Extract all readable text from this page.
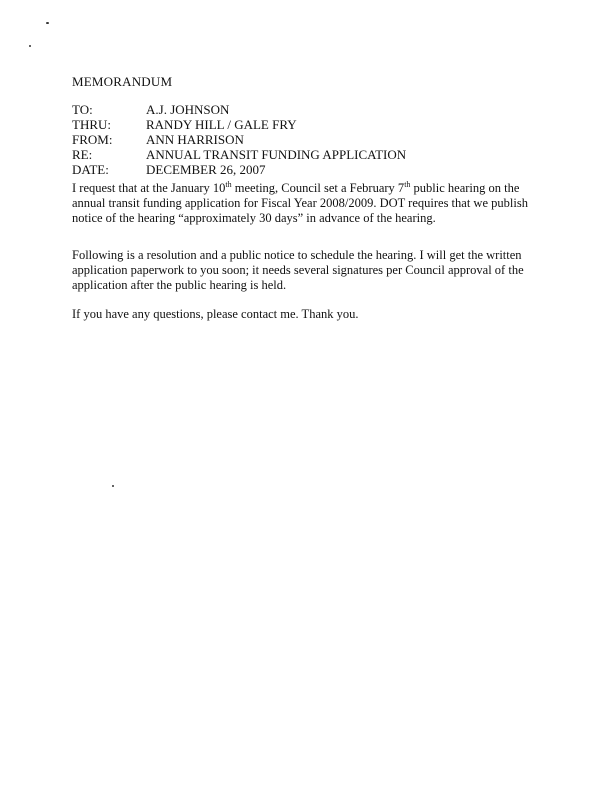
MEMORANDUM
TO:	A.J. JOHNSON
THRU:	RANDY HILL / GALE FRY
FROM:	ANN HARRISON
RE:	ANNUAL TRANSIT FUNDING APPLICATION
DATE:	DECEMBER 26, 2007

I request that at the January 10th meeting, Council set a February 7th public hearing on the annual transit funding application for Fiscal Year 2008/2009. DOT requires that we publish notice of the hearing “approximately 30 days” in advance of the hearing.

Following is a resolution and a public notice to schedule the hearing. I will get the written application paperwork to you soon; it needs several signatures per Council approval of the application after the public hearing is held.

If you have any questions, please contact me. Thank you.
